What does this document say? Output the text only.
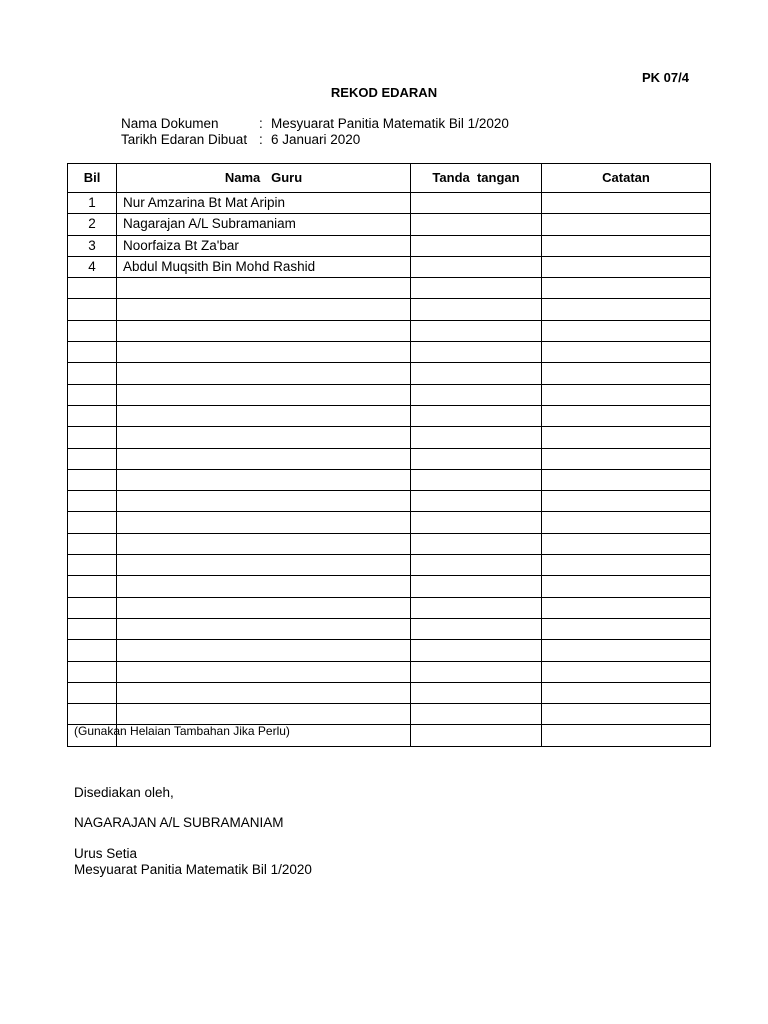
PK 07/4
REKOD EDARAN
Nama Dokumen	: Mesyuarat Panitia Matematik Bil 1/2020
Tarikh Edaran Dibuat : 6 Januari 2020
Bil	Nama   Guru	Tanda  tangan	Catatan
1	Nur Amzarina Bt Mat Aripin		
2	Nagarajan A/L Subramaniam		
3	Noorfaiza Bt Za'bar		
4	Abdul Muqsith Bin Mohd Rashid		

(Gunakan Helaian Tambahan Jika Perlu)
Disediakan oleh,
NAGARAJAN A/L SUBRAMANIAM
Urus Setia
Mesyuarat Panitia Matematik Bil 1/2020
